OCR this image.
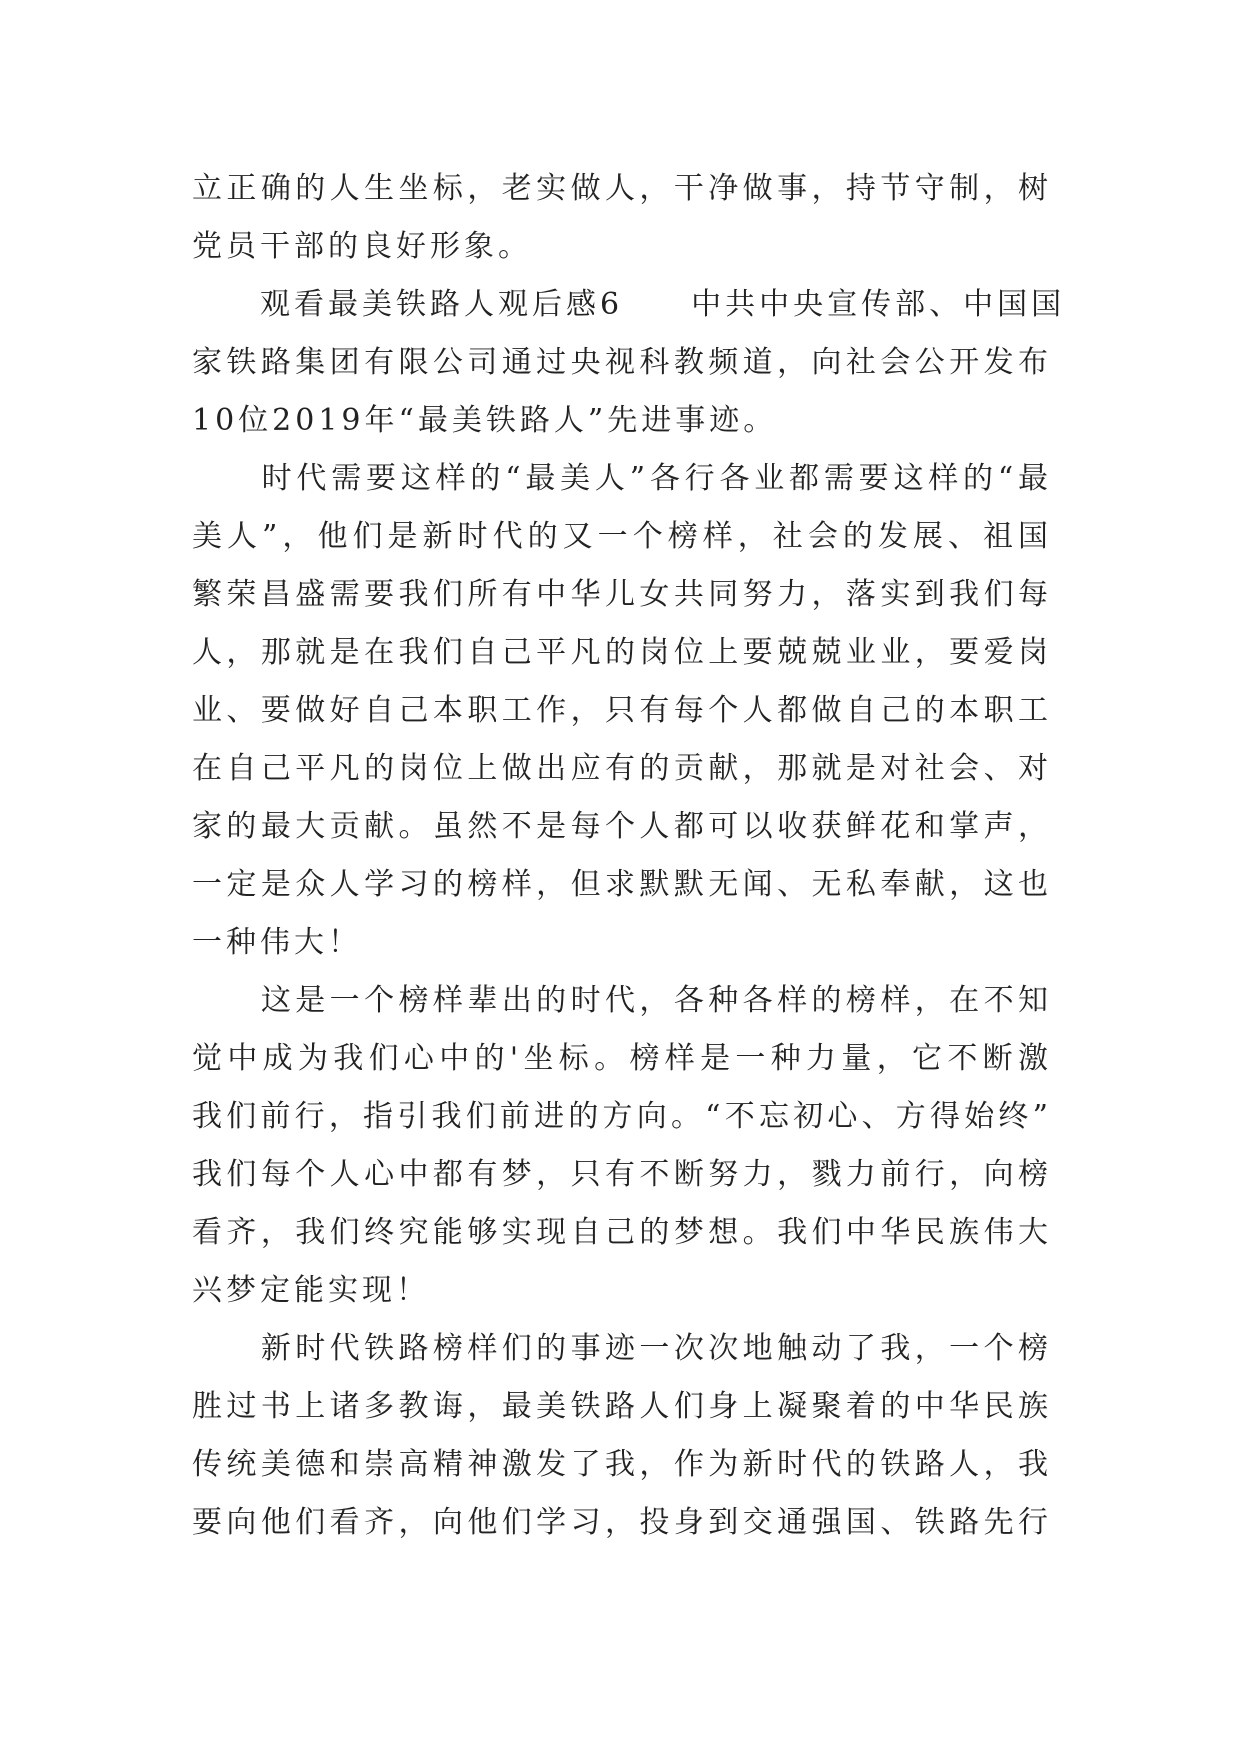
立正确的人生坐标，老实做人，干净做事，持节守制，树
党员干部的良好形象。
　　观看最美铁路人观后感6　　中共中央宣传部、中国国
家铁路集团有限公司通过央视科教频道，向社会公开发布
10位2019年“最美铁路人”先进事迹。
　　时代需要这样的“最美人”各行各业都需要这样的“最
美人”，他们是新时代的又一个榜样，社会的发展、祖国
繁荣昌盛需要我们所有中华儿女共同努力，落实到我们每
人，那就是在我们自己平凡的岗位上要兢兢业业，要爱岗
业、要做好自己本职工作，只有每个人都做自己的本职工
在自己平凡的岗位上做出应有的贡献，那就是对社会、对
家的最大贡献。虽然不是每个人都可以收获鲜花和掌声，
一定是众人学习的榜样，但求默默无闻、无私奉献，这也
一种伟大！
　　这是一个榜样辈出的时代，各种各样的榜样，在不知
觉中成为我们心中的'坐标。榜样是一种力量，它不断激
我们前行，指引我们前进的方向。“不忘初心、方得始终”
我们每个人心中都有梦，只有不断努力，戮力前行，向榜
看齐，我们终究能够实现自己的梦想。我们中华民族伟大
兴梦定能实现！
　　新时代铁路榜样们的事迹一次次地触动了我，一个榜
胜过书上诸多教诲，最美铁路人们身上凝聚着的中华民族
传统美德和崇高精神激发了我，作为新时代的铁路人，我
要向他们看齐，向他们学习，投身到交通强国、铁路先行
